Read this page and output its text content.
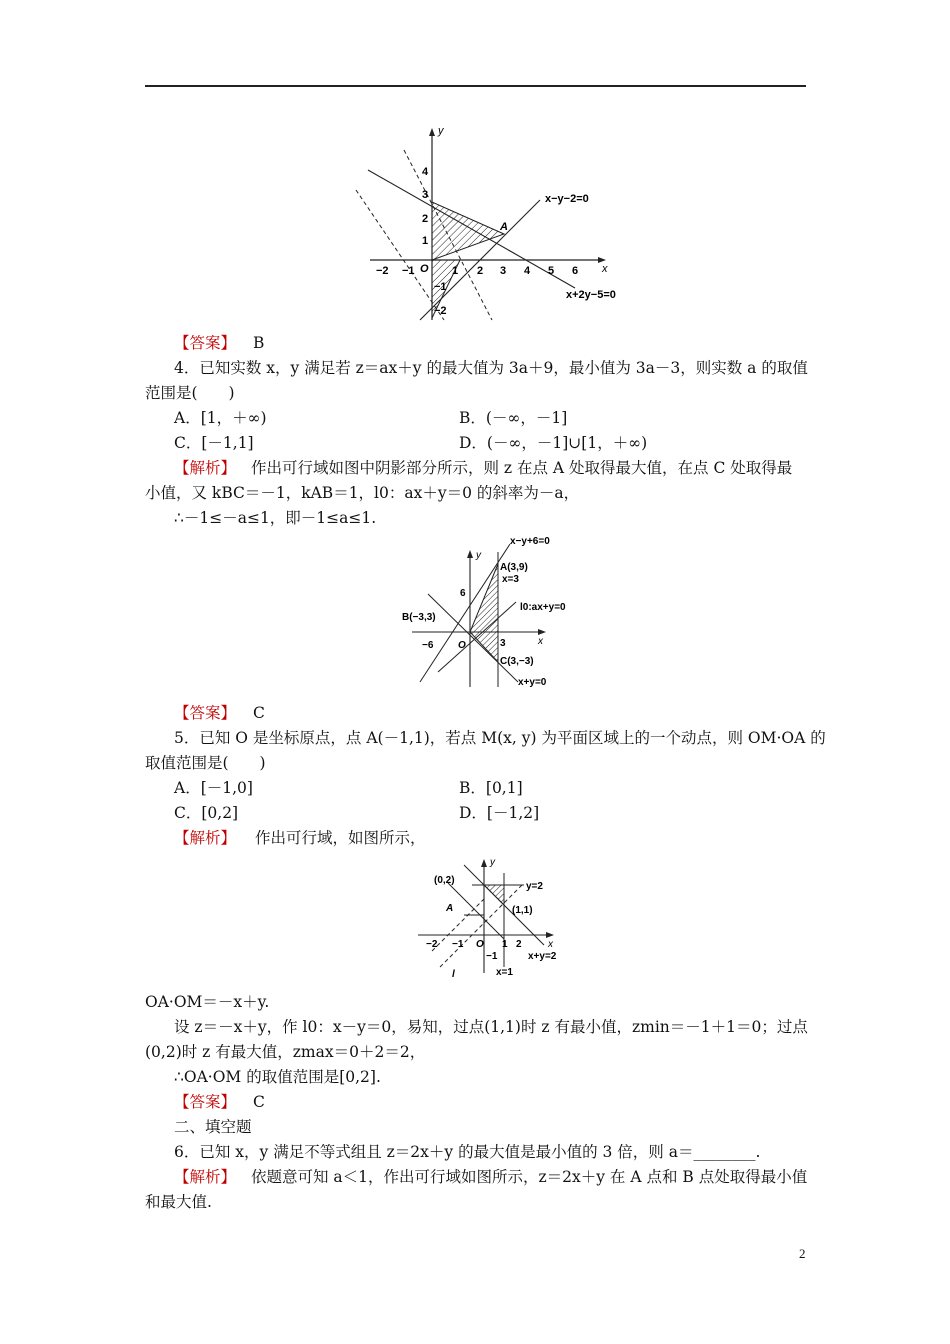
y
x
O
4
3
2
1
−1
−2
−2 −1	1 2 3 4 5 6
A
x−y−2=0
x+2y−5=0
【答案】 B
4．已知实数 x，y 满足若 z＝ax＋y 的最大值为 3a＋9，最小值为 3a－3，则实数 a 的取值
范围是(　　)
A．[1，＋∞)	B．(－∞，－1]
C．[－1,1]	D．(－∞，－1]∪[1，＋∞)
【解析】 作出可行域如图中阴影部分所示，则 z 在点 A 处取得最大值，在点 C 处取得最
小值，又 kBC＝－1，kAB＝1，l0：ax＋y＝0 的斜率为－a，
∴－1≤－a≤1，即－1≤a≤1.
y
x
O
x−y+6=0
A(3,9)
x=3
6
B(−3,3)
l0:ax+y=0
−6	3
C(3,−3)
x+y=0
【答案】 C
5．已知 O 是坐标原点，点 A(－1,1)，若点 M(x, y) 为平面区域上的一个动点，则 OM·OA 的
取值范围是(　　)
A．[－1,0]	B．[0,1]
C．[0,2]	D．[－1,2]
【解析】 作出可行域，如图所示，
y
x
O
(0,2)
y=2
A	(1,1)
−2 −1	1 2
−1
l	x=1
x+y=2
OA·OM＝－x＋y.
设 z＝－x＋y，作 l0：x－y＝0，易知，过点(1,1)时 z 有最小值，zmin＝－1＋1＝0；过点
(0,2)时 z 有最大值，zmax＝0＋2＝2，
∴OA·OM 的取值范围是[0,2].
【答案】 C
二、填空题
6．已知 x，y 满足不等式组且 z＝2x＋y 的最大值是最小值的 3 倍，则 a＝________.
【解析】 依题意可知 a＜1，作出可行域如图所示，z＝2x＋y 在 A 点和 B 点处取得最小值
和最大值.
2
